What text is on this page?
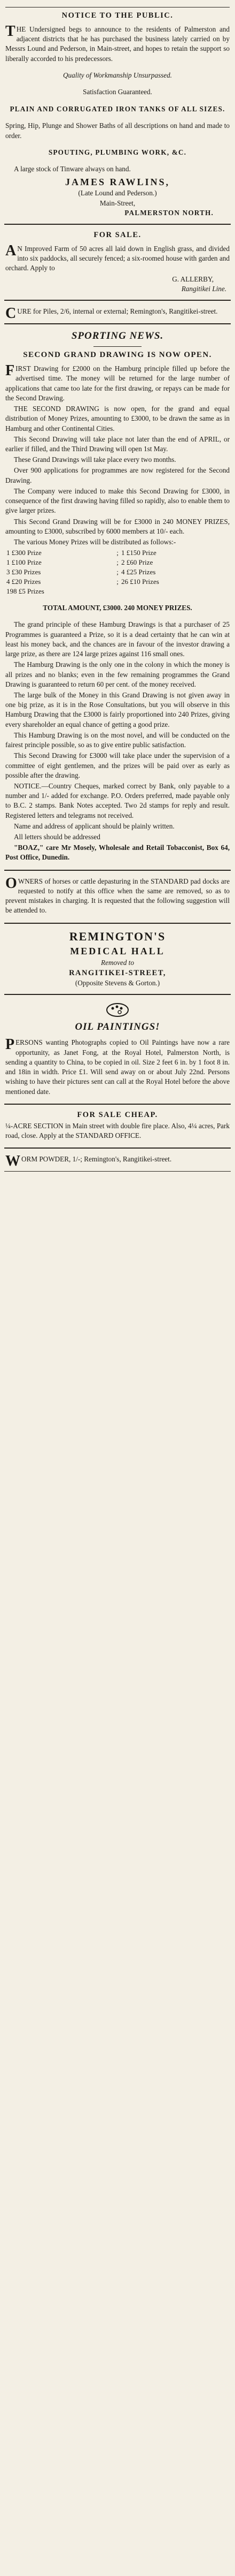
NOTICE TO THE PUBLIC.

THE Undersigned begs to announce to the residents of Palmerston and adjacent districts that he has purchased the business lately carried on by Messrs Lound and Pederson, in Main-street, and hopes to retain the support so liberally accorded to his predecessors.

Quality of Workmanship Unsurpassed.

Satisfaction Guaranteed.

PLAIN AND CORRUGATED IRON TANKS OF ALL SIZES.

Spring, Hip, Plunge and Shower Baths of all descriptions on hand and made to order.

SPOUTING, PLUMBING WORK, &C.

A large stock of Tinware always on hand.

JAMES RAWLINS,
(Late Lound and Pederson.)
Main-Street,
PALMERSTON NORTH.
FOR SALE.

AN Improved Farm of 50 acres all laid down in English grass, and divided into six paddocks, all securely fenced; a six-roomed house with garden and orchard. Apply to

G. ALLERBY,
Rangitikei Line.

CURE for Piles, 2/6, internal or external; Remington's, Rangitikei-street.

SPORTING NEWS.
SECOND GRAND DRAWING IS NOW OPEN.

FIRST Drawing for £2000 on the Hamburg principle filled up before the advertised time. The money will be returned for the large number of applications that came too late for the first drawing, or repays can be made for the Second Drawing.

THE SECOND DRAWING is now open, for the grand and equal distribution of Money Prizes, amounting to £3000, to be drawn the same as in Hamburg and other Continental Cities.

This Second Drawing will take place not later than the end of APRIL, or earlier if filled, and the Third Drawing will open 1st May.

These Grand Drawings will take place every two months.

Over 900 applications for programmes are now registered for the Second Drawing.

The Company were induced to make this Second Drawing for £3000, in consequence of the first drawing having filled so rapidly, also to enable them to give larger prizes.

This Second Grand Drawing will be for £3000 in 240 MONEY PRIZES, amounting to £3000, subscribed by 6000 members at 10/- each.

The various Money Prizes will be distributed as follows:-

1 £300 Prize	;	1 £150 Prize
1 £100 Prize	;	2 £60 Prize
3 £30 Prizes	;	4 £25 Prizes
4 £20 Prizes	;	26 £10 Prizes
198 £5 Prizes		

TOTAL AMOUNT, £3000. 240 MONEY PRIZES.

The grand principle of these Hamburg Drawings is that a purchaser of 25 Programmes is guaranteed a Prize, so it is a dead certainty that he can win at least his money back, and the chances are in favour of the investor drawing a large prize, as there are 124 large prizes against 116 small ones.

The Hamburg Drawing is the only one in the colony in which the money is all prizes and no blanks; even in the few remaining programmes the Grand Drawing is guaranteed to return 60 per cent. of the money received.

The large bulk of the Money in this Grand Drawing is not given away in one big prize, as it is in the Rose Consultations, but you will observe in this Hamburg Drawing that the £3000 is fairly proportioned into 240 Prizes, giving every shareholder an equal chance of getting a good prize.

This Hamburg Drawing is on the most novel, and will be conducted on the fairest principle possible, so as to give entire public satisfaction.

This Second Drawing for £3000 will take place under the supervision of a committee of eight gentlemen, and the prizes will be paid over as early as possible after the drawing.

NOTICE.—Country Cheques, marked correct by Bank, only payable to a number and 1/- added for exchange. P.O. Orders preferred, made payable only to B.C. 2 stamps. Bank Notes accepted. Two 2d stamps for reply and result. Registered letters and telegrams not received.

Name and address of applicant should be plainly written.

All letters should be addressed

"BOAZ," care Mr Mosely, Wholesale and Retail Tobacconist, Box 64, Post Office, Dunedin.

OWNERS of horses or cattle depasturing in the STANDARD pad docks are requested to notify at this office when the same are removed, so as to prevent mistakes in charging. It is requested that the following suggestion will be attended to.

REMINGTON'S
MEDICAL HALL
Removed to
RANGITIKEI-STREET,
(Opposite Stevens & Gorton.)
OIL PAINTINGS!

PERSONS wanting Photographs copied to Oil Paintings have now a rare opportunity, as Janet Fong, at the Royal Hotel, Palmerston North, is sending a quantity to China, to be copied in oil. Size 2 feet 6 in. by 1 foot 8 in. and 18in in width. Price £1. Will send away on or about July 22nd. Persons wishing to have their pictures sent can call at the Royal Hotel before the above mentioned date.

FOR SALE CHEAP.

¼-ACRE SECTION in Main street with double fire place. Also, 4¼ acres, Park road, close. Apply at the STANDARD OFFICE.

WORM POWDER, 1/-; Remington's, Rangitikei-street.
